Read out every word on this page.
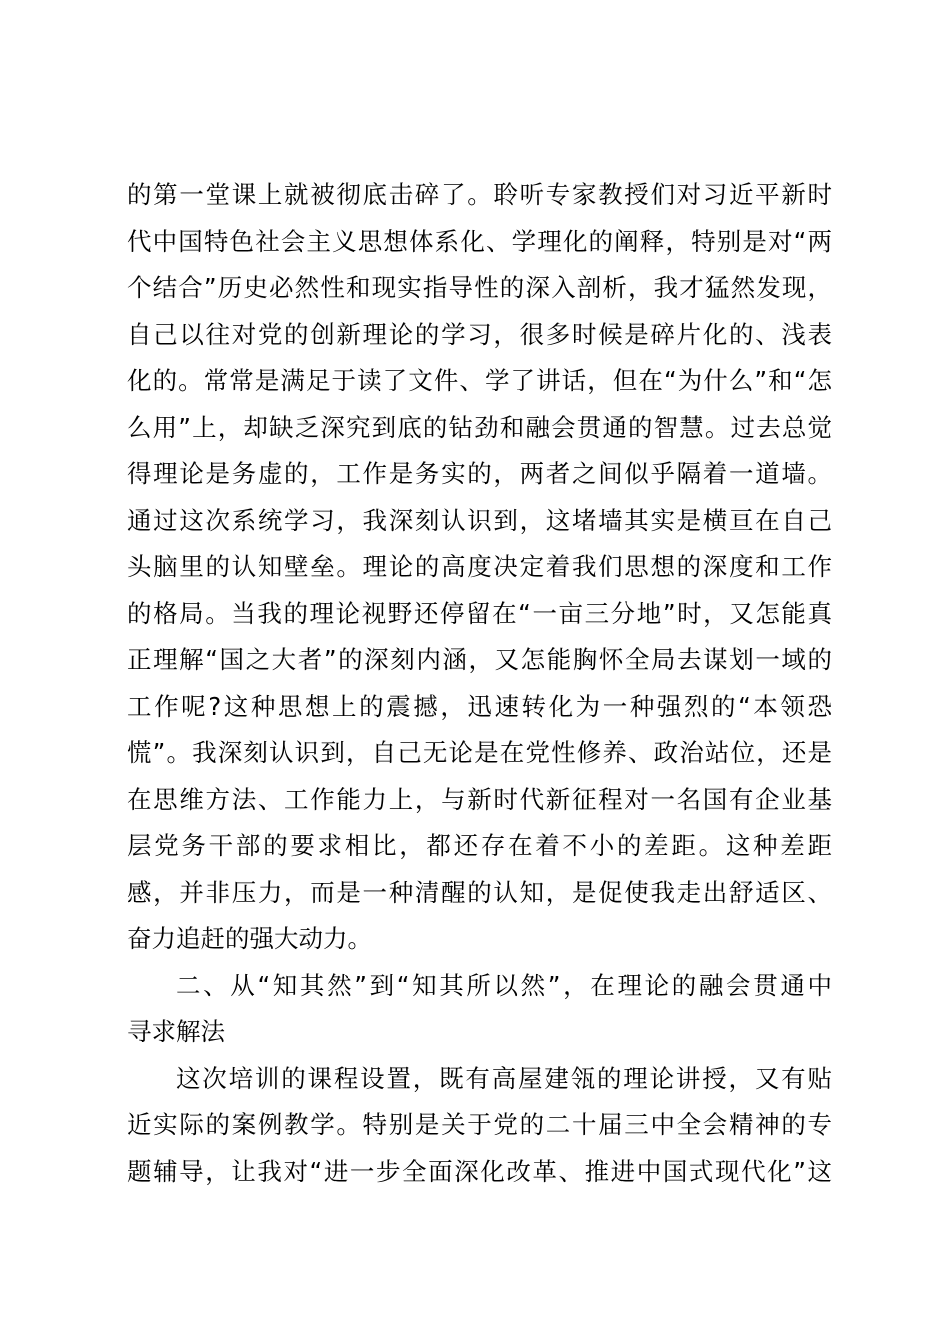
的第一堂课上就被彻底击碎了。聆听专家教授们对习近平新时
代中国特色社会主义思想体系化、学理化的阐释，特别是对“两
个结合”历史必然性和现实指导性的深入剖析，我才猛然发现，
自己以往对党的创新理论的学习，很多时候是碎片化的、浅表
化的。常常是满足于读了文件、学了讲话，但在“为什么”和“怎
么用”上，却缺乏深究到底的钻劲和融会贯通的智慧。过去总觉
得理论是务虚的，工作是务实的，两者之间似乎隔着一道墙。
通过这次系统学习，我深刻认识到，这堵墙其实是横亘在自己
头脑里的认知壁垒。理论的高度决定着我们思想的深度和工作
的格局。当我的理论视野还停留在“一亩三分地”时，又怎能真
正理解“国之大者”的深刻内涵，又怎能胸怀全局去谋划一域的
工作呢?这种思想上的震撼，迅速转化为一种强烈的“本领恐
慌”。我深刻认识到，自己无论是在党性修养、政治站位，还是
在思维方法、工作能力上，与新时代新征程对一名国有企业基
层党务干部的要求相比，都还存在着不小的差距。这种差距
感，并非压力，而是一种清醒的认知，是促使我走出舒适区、
奋力追赶的强大动力。
二、从“知其然”到“知其所以然”，在理论的融会贯通中
寻求解法
这次培训的课程设置，既有高屋建瓴的理论讲授，又有贴
近实际的案例教学。特别是关于党的二十届三中全会精神的专
题辅导，让我对“进一步全面深化改革、推进中国式现代化”这
